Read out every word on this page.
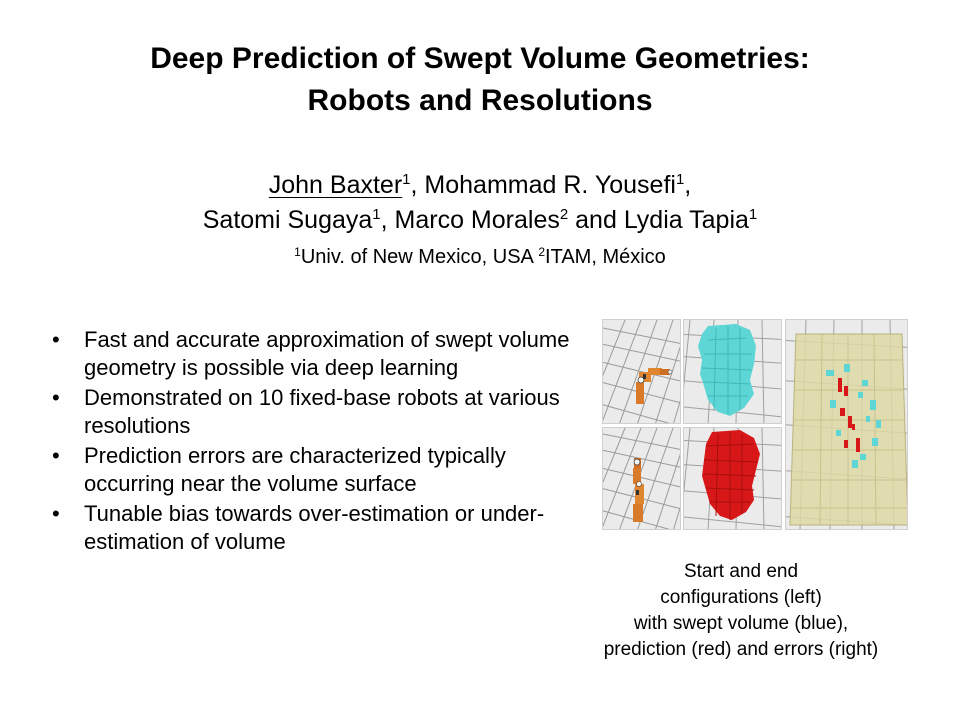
Deep Prediction of Swept Volume Geometries:
Robots and Resolutions
John Baxter$^1$, Mohammad R. Yousefi$^1$,
Satomi Sugaya$^1$, Marco Morales$^2$ and Lydia Tapia$^1$
$^1$Univ. of New Mexico, USA $^2$ITAM, México
• Fast and accurate approximation of swept volume geometry is possible via deep learning
• Demonstrated on 10 fixed-base robots at various resolutions
• Prediction errors are characterized typically occurring near the volume surface
• Tunable bias towards over-estimation or under-estimation of volume
Start and end
configurations (left)
with swept volume (blue),
prediction (red) and errors (right)
